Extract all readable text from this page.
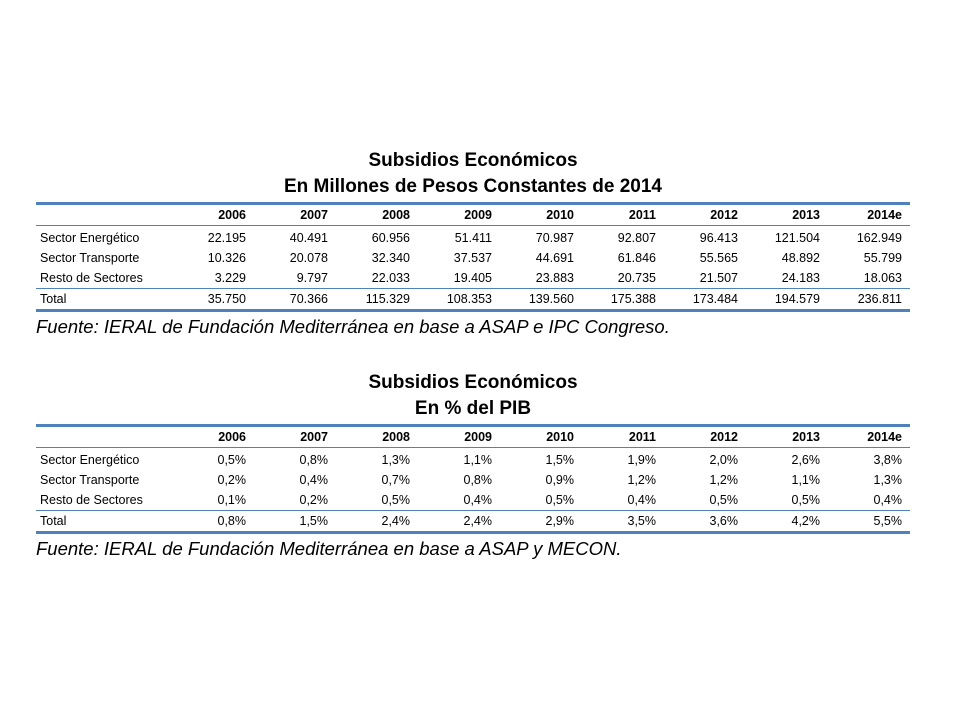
Subsidios Económicos
En Millones de Pesos Constantes de 2014
	2006	2007	2008	2009	2010	2011	2012	2013	2014e
Sector Energético	22.195	40.491	60.956	51.411	70.987	92.807	96.413	121.504	162.949
Sector Transporte	10.326	20.078	32.340	37.537	44.691	61.846	55.565	48.892	55.799
Resto de Sectores	3.229	9.797	22.033	19.405	23.883	20.735	21.507	24.183	18.063
Total	35.750	70.366	115.329	108.353	139.560	175.388	173.484	194.579	236.811
Fuente: IERAL de Fundación Mediterránea en base a ASAP e IPC Congreso.
Subsidios Económicos
En % del PIB
	2006	2007	2008	2009	2010	2011	2012	2013	2014e
Sector Energético	0,5%	0,8%	1,3%	1,1%	1,5%	1,9%	2,0%	2,6%	3,8%
Sector Transporte	0,2%	0,4%	0,7%	0,8%	0,9%	1,2%	1,2%	1,1%	1,3%
Resto de Sectores	0,1%	0,2%	0,5%	0,4%	0,5%	0,4%	0,5%	0,5%	0,4%
Total	0,8%	1,5%	2,4%	2,4%	2,9%	3,5%	3,6%	4,2%	5,5%
Fuente: IERAL de Fundación Mediterránea en base a ASAP y MECON.
